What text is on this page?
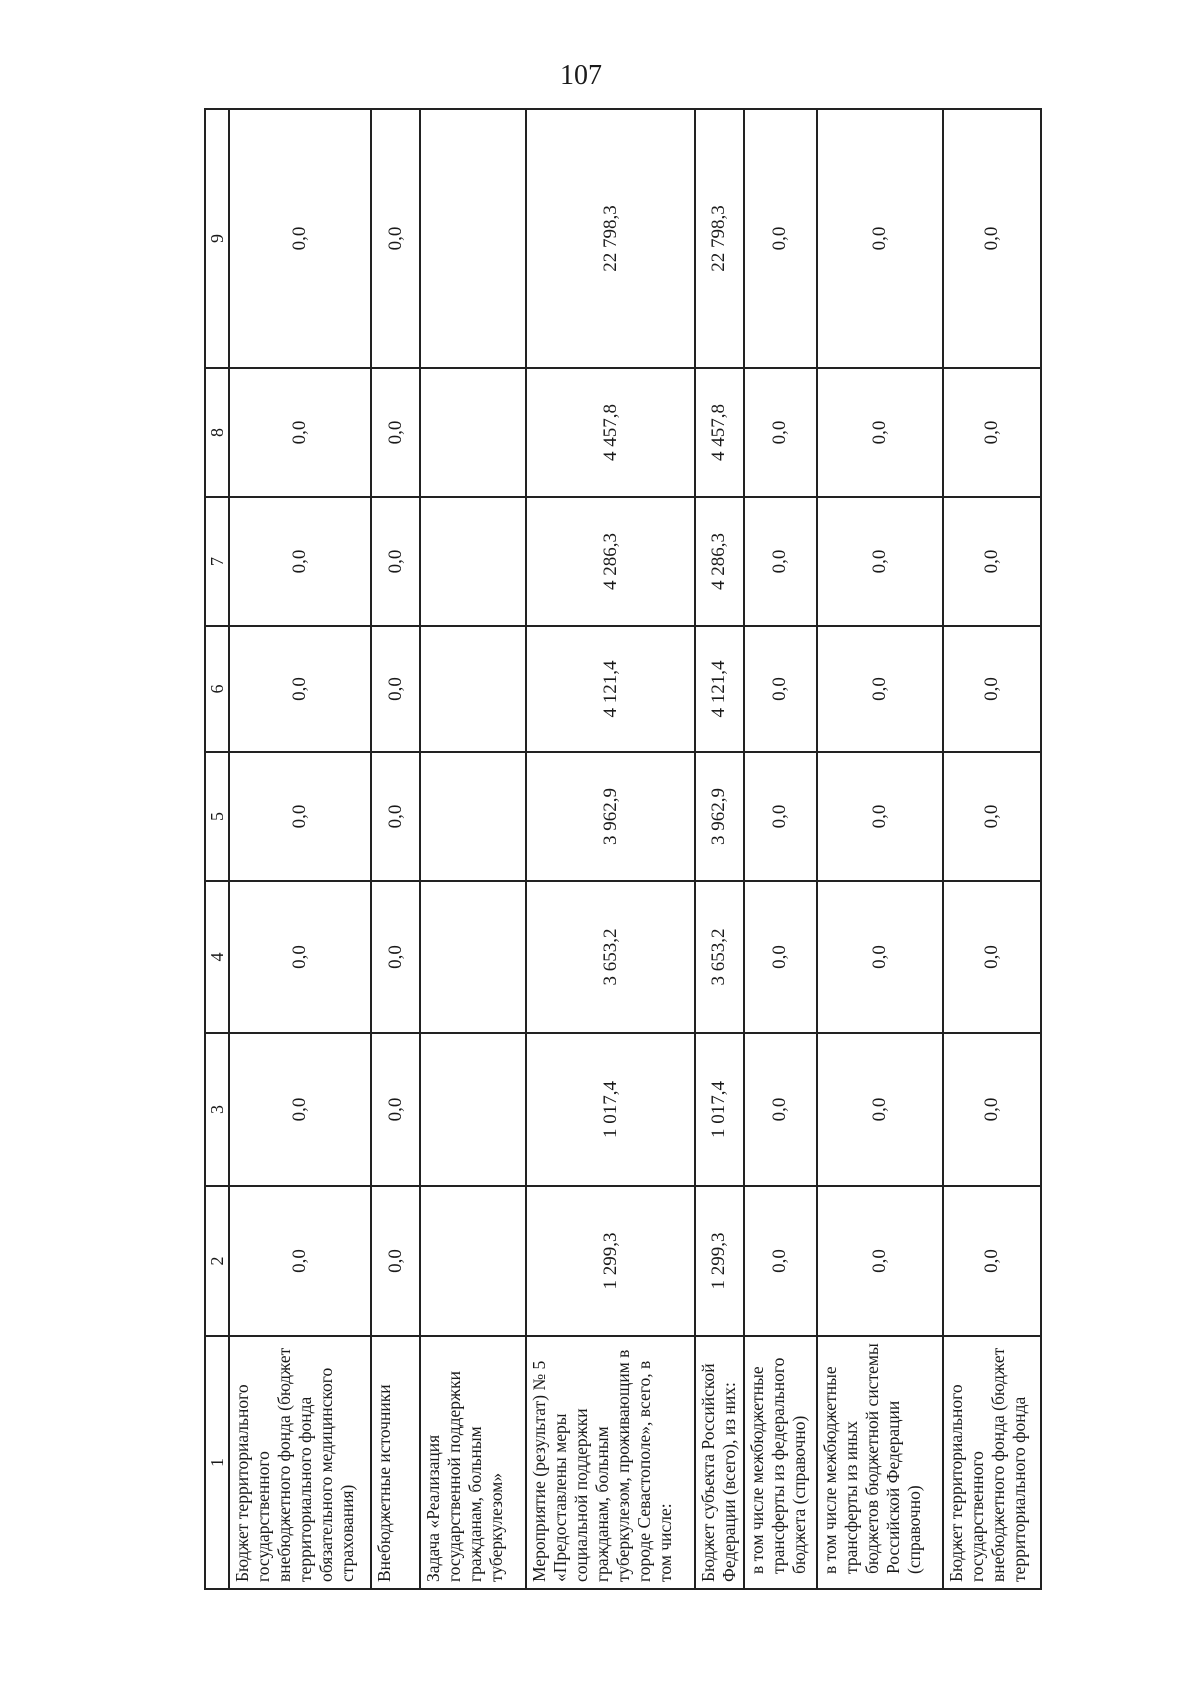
107
1	2	3	4	5	6	7	8	9
Бюджет территориального государственного внебюджетного фонда (бюджет территориального фонда обязательного медицинского страхования)	0,0	0,0	0,0	0,0	0,0	0,0	0,0	0,0
Внебюджетные источники	0,0	0,0	0,0	0,0	0,0	0,0	0,0	0,0
Задача «Реализация государственной поддержки гражданам, больным туберкулезом»								
Мероприятие (результат) № 5 «Предоставлены меры социальной поддержки гражданам, больным туберкулезом, проживающим в городе Севастополе», всего, в том числе:	1 299,3	1 017,4	3 653,2	3 962,9	4 121,4	4 286,3	4 457,8	22 798,3
Бюджет субъекта Российской Федерации (всего), из них:	1 299,3	1 017,4	3 653,2	3 962,9	4 121,4	4 286,3	4 457,8	22 798,3
в том числе межбюджетные трансферты из федерального бюджета (справочно)	0,0	0,0	0,0	0,0	0,0	0,0	0,0	0,0
в том числе межбюджетные трансферты из иных бюджетов бюджетной системы Российской Федерации (справочно)	0,0	0,0	0,0	0,0	0,0	0,0	0,0	0,0
Бюджет территориального государственного внебюджетного фонда (бюджет территориального фонда	0,0	0,0	0,0	0,0	0,0	0,0	0,0	0,0
